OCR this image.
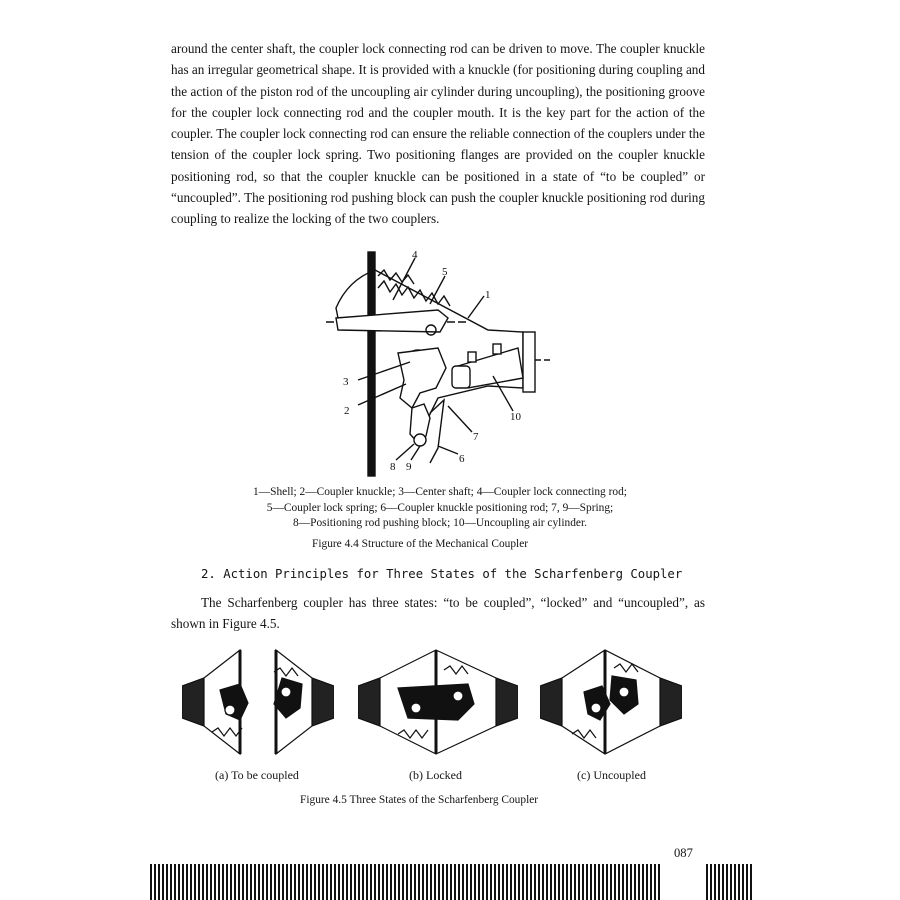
around the center shaft, the coupler lock connecting rod can be driven to move. The coupler knuckle has an irregular geometrical shape. It is provided with a knuckle (for positioning during coupling and the action of the piston rod of the uncoupling air cylinder during uncoupling), the positioning groove for the coupler lock connecting rod and the coupler mouth. It is the key part for the action of the coupler. The coupler lock connecting rod can ensure the reliable connection of the couplers under the tension of the coupler lock spring. Two positioning flanges are provided on the coupler knuckle positioning rod, so that the coupler knuckle can be positioned in a state of “to be coupled” or “uncoupled”. The positioning rod pushing block can push the coupler knuckle positioning rod during coupling to realize the locking of the two couplers.

4
5
1
3
2	10
7
6
8 9
1—Shell; 2—Coupler knuckle; 3—Center shaft; 4—Coupler lock connecting rod;
5—Coupler lock spring; 6—Coupler knuckle positioning rod; 7, 9—Spring;
8—Positioning rod pushing block; 10—Uncoupling air cylinder.
Figure 4.4 Structure of the Mechanical Coupler
2. Action Principles for Three States of the Scharfenberg Coupler

The Scharfenberg coupler has three states: “to be coupled”, “locked” and “uncoupled”, as shown in Figure 4.5.

(a) To be coupled	(b) Locked	(c) Uncoupled
Figure 4.5 Three States of the Scharfenberg Coupler
087
